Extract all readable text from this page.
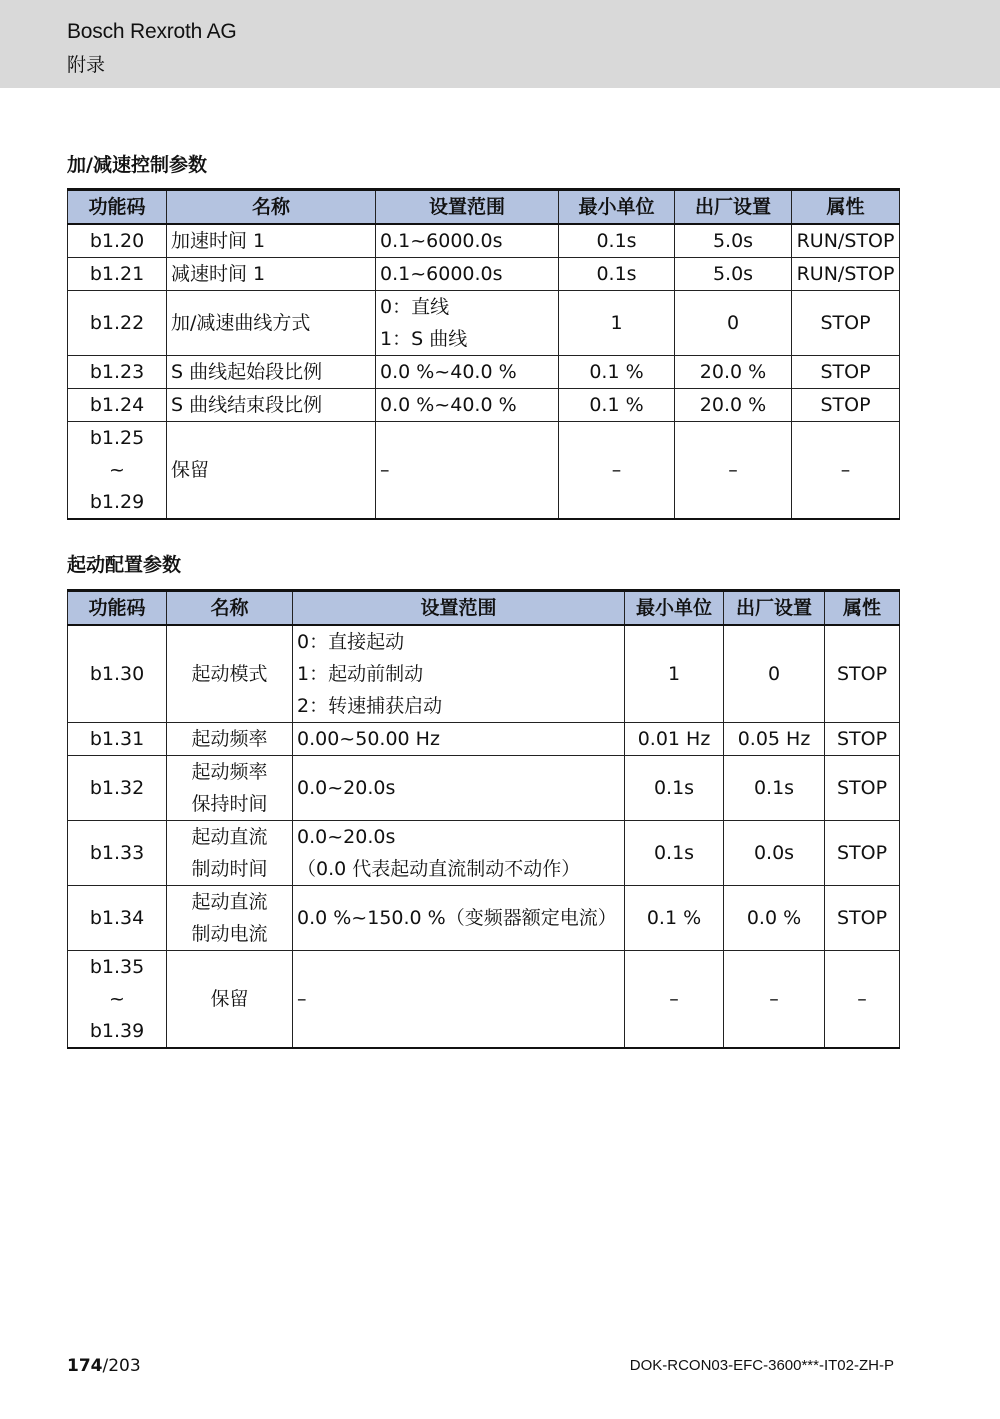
Bosch Rexroth AG
附录
加/减速控制参数
功能码	名称	设置范围	最小单位	出厂设置	属性

b1.20	加速时间 1	0.1~6000.0s	0.1s	5.0s	RUN/STOP

b1.21	减速时间 1	0.1~6000.0s	0.1s	5.0s	RUN/STOP

b1.22	加/减速曲线方式	0：直线
1：S 曲线	1	0	STOP

b1.23	S 曲线起始段比例	0.0 %~40.0 %	0.1 %	20.0 %	STOP

b1.24	S 曲线结束段比例	0.0 %~40.0 %	0.1 %	20.0 %	STOP

b1.25
~
b1.29	保留	–	–	–	–
起动配置参数
功能码	名称	设置范围	最小单位	出厂设置	属性

b1.30	起动模式	0：直接起动
1：起动前制动
2：转速捕获启动	1	0	STOP

b1.31	起动频率	0.00~50.00 Hz	0.01 Hz	0.05 Hz	STOP

b1.32	起动频率
保持时间	0.0~20.0s	0.1s	0.1s	STOP

b1.33	起动直流
制动时间	0.0~20.0s
（0.0 代表起动直流制动不动作）	0.1s	0.0s	STOP

b1.34	起动直流
制动电流	0.0 %~150.0 %（变频器额定电流）	0.1 %	0.0 %	STOP

b1.35
~
b1.39	保留	–	–	–	–
174/203	DOK-RCON03-EFC-3600***-IT02-ZH-P
